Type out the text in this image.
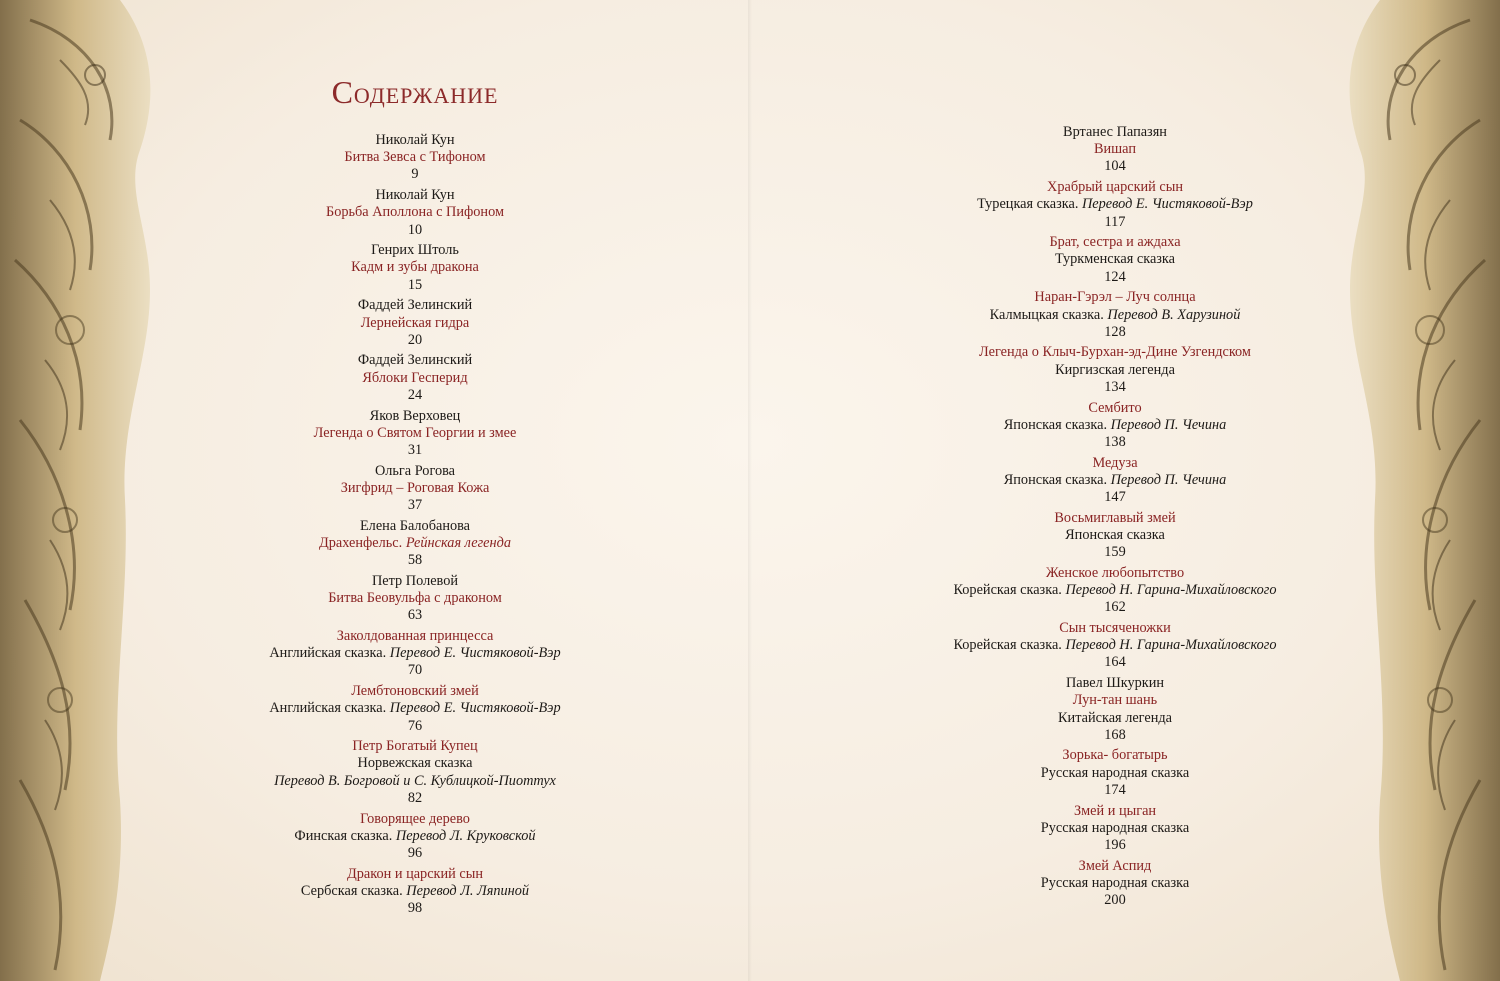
Содержание
Николай Кун
Битва Зевса с Тифоном
9
Николай Кун
Борьба Аполлона с Пифоном
10
Генрих Штоль
Кадм и зубы дракона
15
Фаддей Зелинский
Лернейская гидра
20
Фаддей Зелинский
Яблоки Гесперид
24
Яков Верховец
Легенда о Святом Георгии и змее
31
Ольга Рогова
Зигфрид – Роговая Кожа
37
Елена Балобанова
Драхенфельс. Рейнская легенда
58
Петр Полевой
Битва Беовульфа с драконом
63
Заколдованная принцесса
Английская сказка. Перевод Е. Чистяковой-Вэр
70
Лембтоновский змей
Английская сказка. Перевод Е. Чистяковой-Вэр
76
Петр Богатый Купец
Норвежская сказка
Перевод В. Богровой и С. Кублицкой-Пиоттух
82
Говорящее дерево
Финская сказка. Перевод Л. Круковской
96
Дракон и царский сын
Сербская сказка. Перевод Л. Ляпиной
98
Вртанес Папазян
Вишап
104
Храбрый царский сын
Турецкая сказка. Перевод Е. Чистяковой-Вэр
117
Брат, сестра и аждаха
Туркменская сказка
124
Наран-Гэрэл – Луч солнца
Калмыцкая сказка. Перевод В. Харузиной
128
Легенда о Клыч-Бурхан-эд-Дине Узгендском
Киргизская легенда
134
Сембито
Японская сказка. Перевод П. Чечина
138
Медуза
Японская сказка. Перевод П. Чечина
147
Восьмиглавый змей
Японская сказка
159
Женское любопытство
Корейская сказка. Перевод Н. Гарина-Михайловского
162
Сын тысяченожки
Корейская сказка. Перевод Н. Гарина-Михайловского
164
Павел Шкуркин
Лун-тан шань
Китайская легенда
168
Зорька- богатырь
Русская народная сказка
174
Змей и цыган
Русская народная сказка
196
Змей Аспид
Русская народная сказка
200
